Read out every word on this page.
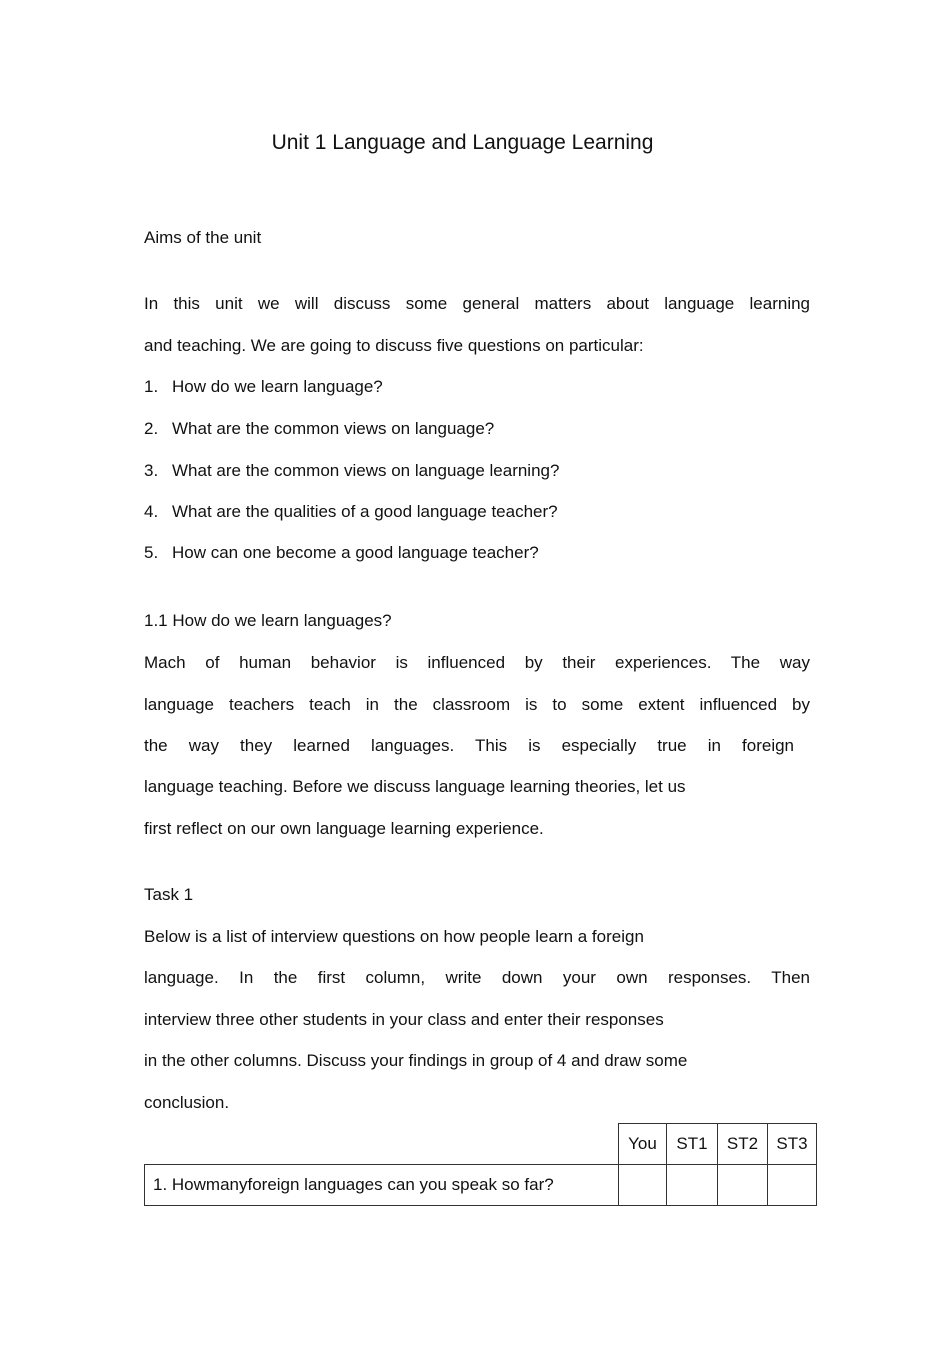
Unit 1 Language and Language Learning
Aims of the unit
In this unit we will discuss some general matters about language learning
and teaching. We are going to discuss five questions on particular:
1. How do we learn language?
2. What are the common views on language?
3. What are the common views on language learning?
4. What are the qualities of a good language teacher?
5. How can one become a good language teacher?
1.1 How do we learn languages?
Mach of human behavior is influenced by their experiences. The way
language teachers teach in the classroom is to some extent influenced by
the way they learned languages. This is especially true in foreign
language teaching. Before we discuss language learning theories, let us
first reflect on our own language learning experience.
Task 1
Below is a list of interview questions on how people learn a foreign
language. In the first column, write down your own responses. Then
interview three other students in your class and enter their responses
in the other columns. Discuss your findings in group of 4 and draw some
conclusion.
	You	ST1	ST2	ST3
1. Howmanyforeign languages can you speak so far?				
